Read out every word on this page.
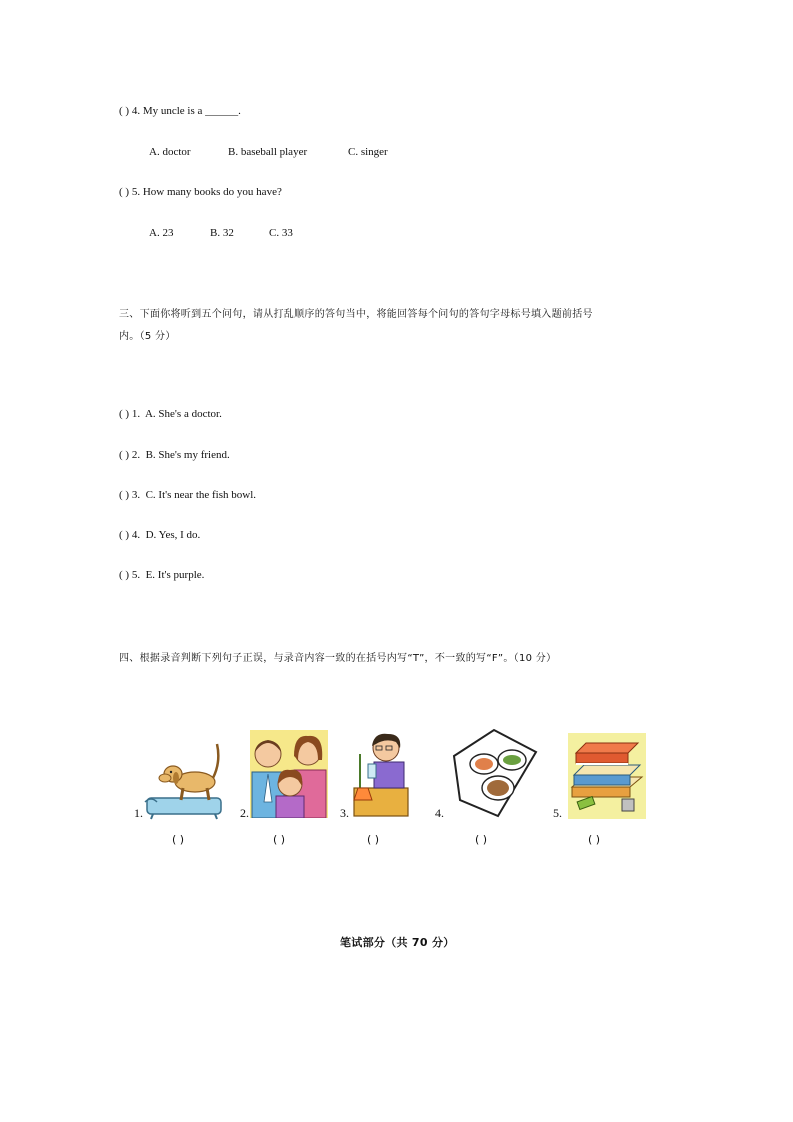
( ) 4. My uncle is a ______.
A. doctor	B. baseball player	C. singer
( ) 5. How many books do you have?
A. 23	B. 32	C. 33
三、下面你将听到五个问句，请从打乱顺序的答句当中，将能回答每个问句的答句字母标号填入题前括号
内。（5 分）
( ) 1. A. She's a doctor.
( ) 2. B. She's my friend.
( ) 3. C. It's near the fish bowl.
( ) 4. D. Yes, I do.
( ) 5. E. It's purple.
四、根据录音判断下列句子正误，与录音内容一致的在括号内写“T”，不一致的写“F”。（10 分）
1.
( )
2.
( )
3.
( )
4.
( )
5.
( )
笔试部分（共 70 分）
